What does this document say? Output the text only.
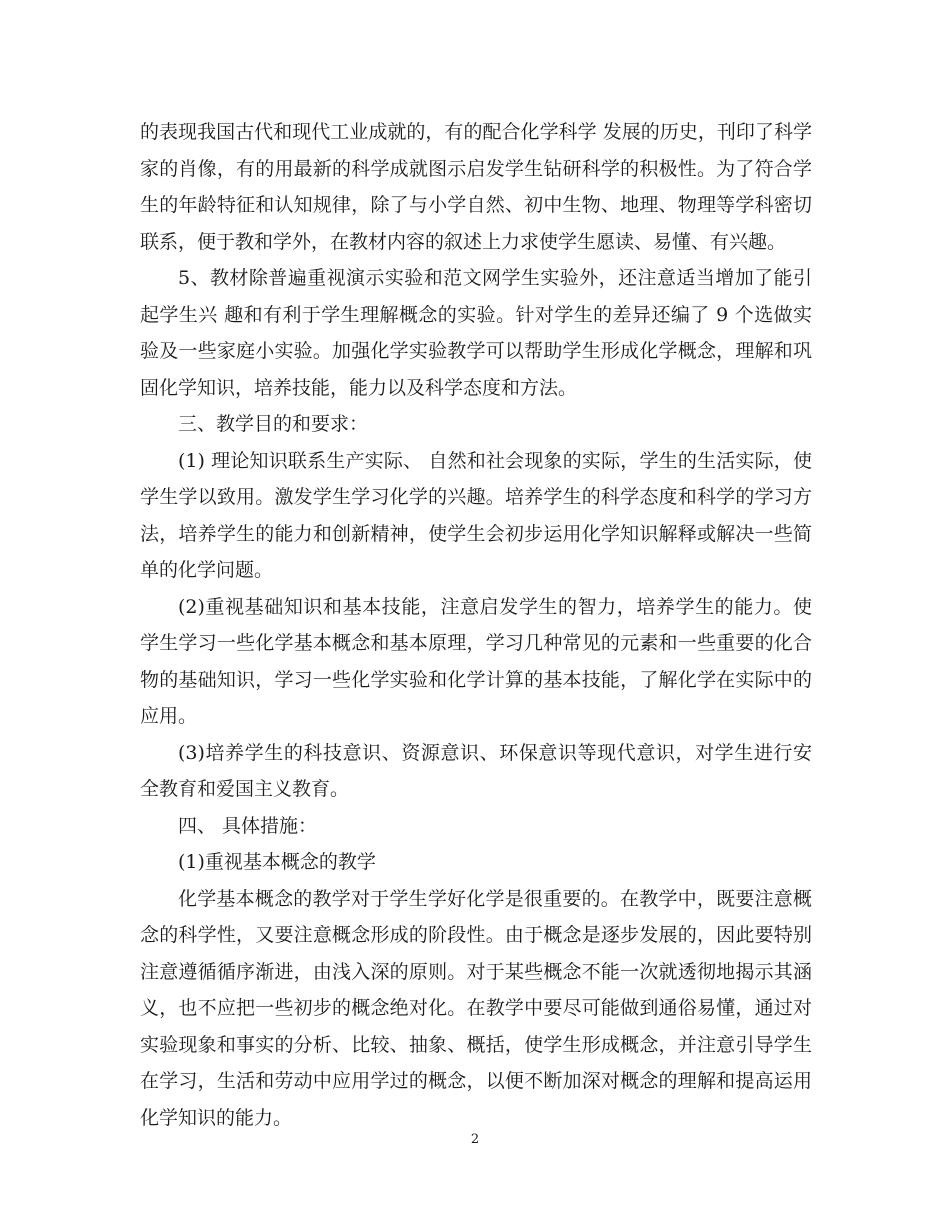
的表现我国古代和现代工业成就的，有的配合化学科学 发展的历史，刊印了科学家的肖像，有的用最新的科学成就图示启发学生钻研科学的积极性。为了符合学生的年龄特征和认知规律，除了与小学自然、初中生物、地理、物理等学科密切联系，便于教和学外，在教材内容的叙述上力求使学生愿读、易懂、有兴趣。

5、教材除普遍重视演示实验和范文网学生实验外，还注意适当增加了能引起学生兴 趣和有利于学生理解概念的实验。针对学生的差异还编了 9 个选做实验及一些家庭小实验。加强化学实验教学可以帮助学生形成化学概念，理解和巩固化学知识，培养技能，能力以及科学态度和方法。

三、教学目的和要求：

(1) 理论知识联系生产实际、 自然和社会现象的实际，学生的生活实际，使学生学以致用。激发学生学习化学的兴趣。培养学生的科学态度和科学的学习方法，培养学生的能力和创新精神，使学生会初步运用化学知识解释或解决一些简单的化学问题。

(2)重视基础知识和基本技能，注意启发学生的智力，培养学生的能力。使学生学习一些化学基本概念和基本原理，学习几种常见的元素和一些重要的化合物的基础知识，学习一些化学实验和化学计算的基本技能，了解化学在实际中的应用。

(3)培养学生的科技意识、资源意识、环保意识等现代意识，对学生进行安全教育和爱国主义教育。

四、 具体措施：

(1)重视基本概念的教学

化学基本概念的教学对于学生学好化学是很重要的。在教学中，既要注意概念的科学性，又要注意概念形成的阶段性。由于概念是逐步发展的，因此要特别注意遵循循序渐进，由浅入深的原则。对于某些概念不能一次就透彻地揭示其涵义，也不应把一些初步的概念绝对化。在教学中要尽可能做到通俗易懂，通过对实验现象和事实的分析、比较、抽象、概括，使学生形成概念，并注意引导学生在学习，生活和劳动中应用学过的概念，以便不断加深对概念的理解和提高运用化学知识的能力。

2
